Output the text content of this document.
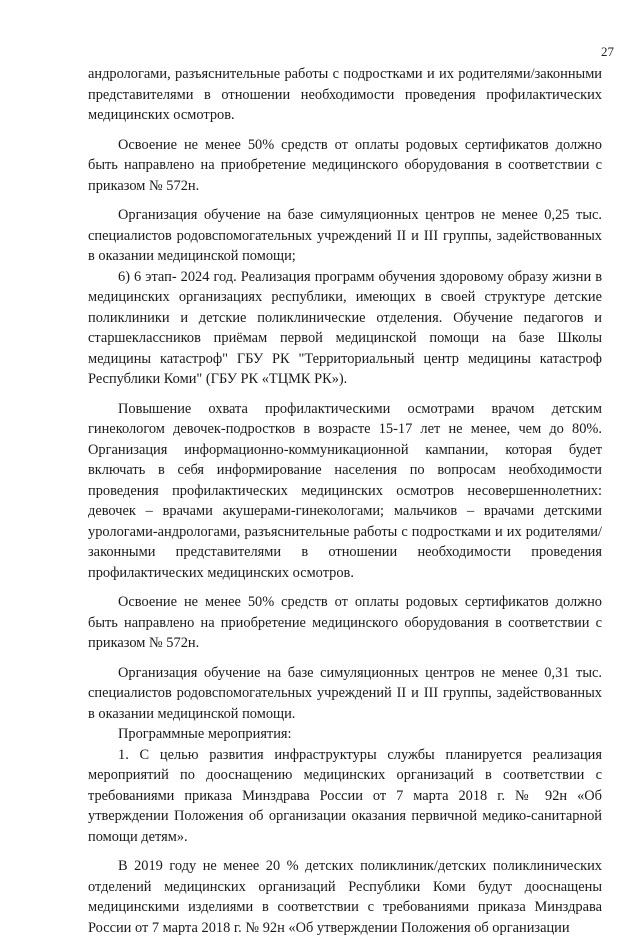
27

андрологами, разъяснительные работы с подростками и их родителями/законными представителями в отношении необходимости проведения профилактических медицинских осмотров.

Освоение не менее 50% средств от оплаты родовых сертификатов должно быть направлено на приобретение медицинского оборудования в соответствии с приказом № 572н.

Организация обучение на базе симуляционных центров не менее 0,25 тыс. специалистов родовспомогательных учреждений II и III группы, задействованных в оказании медицинской помощи;

6) 6 этап- 2024 год. Реализация программ обучения здоровому образу жизни в медицинских организациях республики, имеющих в своей структуре детские поликлиники и детские поликлинические отделения. Обучение педагогов и старшеклассников приёмам первой медицинской помощи на базе Школы медицины катастроф" ГБУ РК "Территориальный центр медицины катастроф Республики Коми" (ГБУ РК «ТЦМК РК»).

Повышение охвата профилактическими осмотрами врачом детским гинекологом девочек-подростков в возрасте 15-17 лет не менее, чем до 80%. Организация информационно-коммуникационной кампании, которая будет включать в себя информирование населения по вопросам необходимости проведения профилактических медицинских осмотров несовершеннолетних: девочек – врачами акушерами-гинекологами; мальчиков – врачами детскими урологами-андрологами, разъяснительные работы с подростками и их родителями/законными представителями в отношении необходимости проведения профилактических медицинских осмотров.

Освоение не менее 50% средств от оплаты родовых сертификатов должно быть направлено на приобретение медицинского оборудования в соответствии с приказом № 572н.

Организация обучение на базе симуляционных центров не менее 0,31 тыс. специалистов родовспомогательных учреждений II и III группы, задействованных в оказании медицинской помощи.

Программные мероприятия:

1. С целью развития инфраструктуры службы планируется реализация мероприятий по дооснащению медицинских организаций в соответствии с требованиями приказа Минздрава России от 7 марта 2018 г. № 92н «Об утверждении Положения об организации оказания первичной медико-санитарной помощи детям».

В 2019 году не менее 20 % детских поликлиник/детских поликлинических отделений медицинских организаций Республики Коми будут дооснащены медицинскими изделиями в соответствии с требованиями приказа Минздрава России от 7 марта 2018 г. № 92н «Об утверждении Положения об организации
